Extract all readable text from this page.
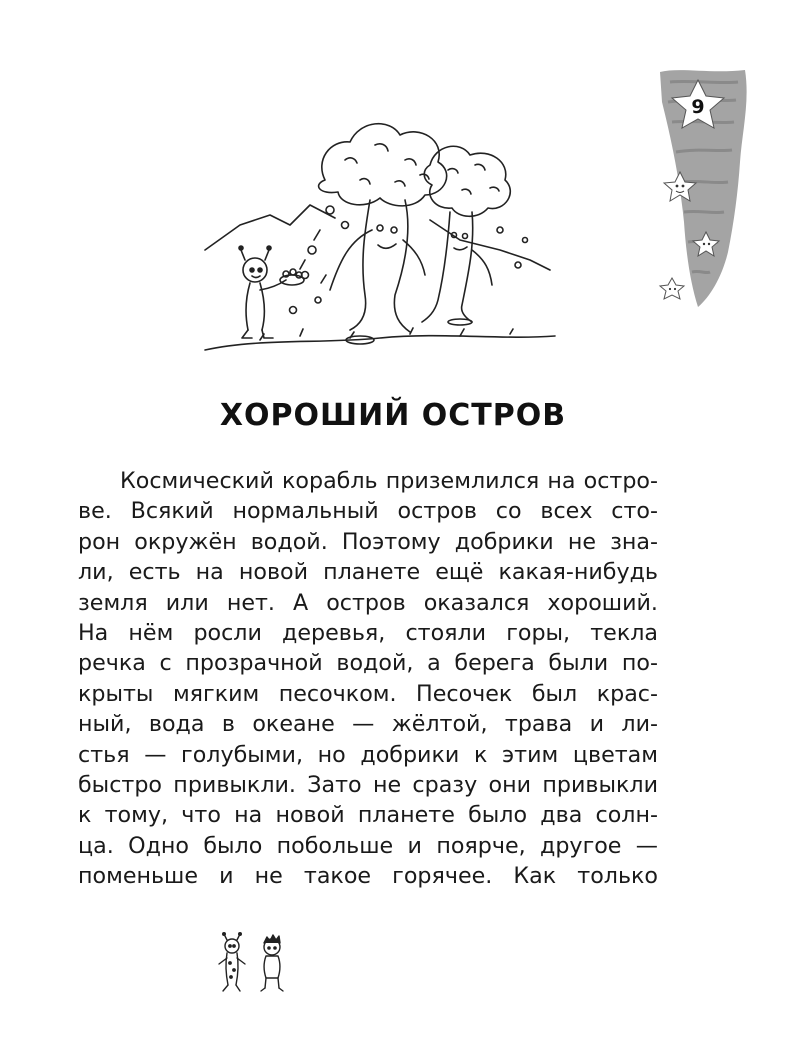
9
ХОРОШИЙ ОСТРОВ
Космический корабль приземлился на остро-
ве. Всякий нормальный остров со всех сто-
рон окружён водой. Поэтому добрики не зна-
ли, есть на новой планете ещё какая-нибудь
земля или нет. А остров оказался хороший.
На нём росли деревья, стояли горы, текла
речка с прозрачной водой, а берега были по-
крыты мягким песочком. Песочек был крас-
ный, вода в океане — жёлтой, трава и ли-
стья — голубыми, но добрики к этим цветам
быстро привыкли. Зато не сразу они привыкли
к тому, что на новой планете было два солн-
ца. Одно было побольше и поярче, другое —
поменьше и не такое горячее. Как только
